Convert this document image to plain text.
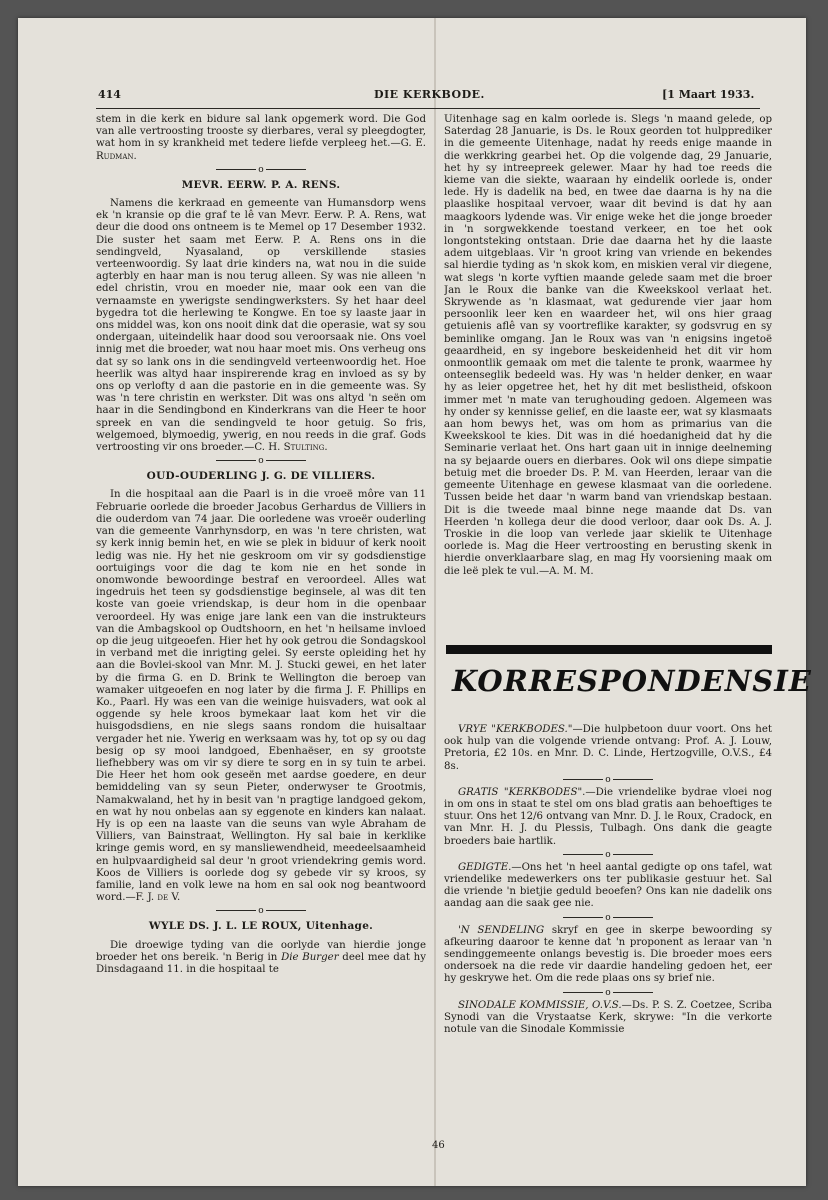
414	DIE KERKBODE.	[1 Maart 1933.

stem in die kerk en bidure sal lank opgemerk word. Die God van alle vertroosting trooste sy dierbares, veral sy pleegdogter, wat hom in sy krankheid met tedere liefde verpleeg het.—G. E. Rudman.

o
MEVR. EERW. P. A. RENS.

Namens die kerkraad en gemeente van Humansdorp wens ek 'n kransie op die graf te lê van Mevr. Eerw. P. A. Rens, wat deur die dood ons ontneem is te Memel op 17 Desember 1932. Die suster het saam met Eerw. P. A. Rens ons in die sendingveld, Nyasaland, op verskillende stasies verteenwoordig. Sy laat drie kinders na, wat nou in die suide agterbly en haar man is nou terug alleen. Sy was nie alleen 'n edel christin, vrou en moeder nie, maar ook een van die vernaamste en ywerigste sendingwerksters. Sy het haar deel bygedra tot die herlewing te Kongwe. En toe sy laaste jaar in ons middel was, kon ons nooit dink dat die operasie, wat sy sou ondergaan, uiteindelik haar dood sou veroorsaak nie. Ons voel innig met die broeder, wat nou haar moet mis. Ons verheug ons dat sy so lank ons in die sendingveld verteenwoordig het. Hoe heerlik was altyd haar inspirerende krag en invloed as sy by ons op verlofty d aan die pastorie en in die gemeente was. Sy was 'n tere christin en werkster. Dit was ons altyd 'n seën om haar in die Sendingbond en Kinderkrans van die Heer te hoor spreek en van die sendingveld te hoor getuig. So fris, welgemoed, blymoedig, ywerig, en nou reeds in die graf. Gods vertroosting vir ons broeder.—C. H. Stulting.

o
OUD-OUDERLING J. G. DE VILLIERS.

In die hospitaal aan die Paarl is in die vroeë môre van 11 Februarie oorlede die broeder Jacobus Gerhardus de Villiers in die ouderdom van 74 jaar. Die oorledene was vroeër ouderling van die gemeente Vanrhynsdorp, en was 'n tere christen, wat sy kerk innig bemin het, en wie se plek in biduur of kerk nooit ledig was nie. Hy het nie geskroom om vir sy godsdienstige oortuigings voor die dag te kom nie en het sonde in onomwonde bewoordinge bestraf en veroordeel. Alles wat ingedruis het teen sy godsdienstige beginsele, al was dit ten koste van goeie vriendskap, is deur hom in die openbaar veroordeel. Hy was enige jare lank een van die instrukteurs van die Ambagskool op Oudtshoorn, en het 'n heilsame invloed op die jeug uitgeoefen. Hier het hy ook getrou die Sondagskool in verband met die inrigting gelei. Sy eerste opleiding het hy aan die Bovlei-skool van Mnr. M. J. Stucki gewei, en het later by die firma G. en D. Brink te Wellington die beroep van wamaker uitgeoefen en nog later by die firma J. F. Phillips en Ko., Paarl. Hy was een van die weinige huisvaders, wat ook al oggende sy hele kroos bymekaar laat kom het vir die huisgodsdiens, en nie slegs saans rondom die huisaltaar vergader het nie. Ywerig en werksaam was hy, tot op sy ou dag besig op sy mooi landgoed, Ebenhaëser, en sy grootste liefhebbery was om vir sy diere te sorg en in sy tuin te arbei. Die Heer het hom ook geseën met aardse goedere, en deur bemiddeling van sy seun Pieter, onderwyser te Grootmis, Namakwaland, het hy in besit van 'n pragtige landgoed gekom, en wat hy nou onbelas aan sy eggenote en kinders kan nalaat. Hy is op een na laaste van die seuns van wyle Abraham de Villiers, van Bainstraat, Wellington. Hy sal baie in kerklike kringe gemis word, en sy mansliewendheid, meedeelsaamheid en hulpvaardigheid sal deur 'n groot vriendekring gemis word. Koos de Villiers is oorlede dog sy gebede vir sy kroos, sy familie, land en volk lewe na hom en sal ook nog beantwoord word.—F. J. de V.

o
WYLE DS. J. L. LE ROUX, Uitenhage.

Die droewige tyding van die oorlyde van hierdie jonge broeder het ons bereik. 'n Berig in Die Burger deel mee dat hy Dinsdagaand 11. in die hospitaal te

Uitenhage sag en kalm oorlede is. Slegs 'n maand gelede, op Saterdag 28 Januarie, is Ds. le Roux georden tot hulpprediker in die gemeente Uitenhage, nadat hy reeds enige maande in die werkkring gearbei het. Op die volgende dag, 29 Januarie, het hy sy intreepreek gelewer. Maar hy had toe reeds die kieme van die siekte, waaraan hy eindelik oorlede is, onder lede. Hy is dadelik na bed, en twee dae daarna is hy na die plaaslike hospitaal vervoer, waar dit bevind is dat hy aan maagkoors lydende was. Vir enige weke het die jonge broeder in 'n sorgwekkende toestand verkeer, en toe het ook longontsteking ontstaan. Drie dae daarna het hy die laaste adem uitgeblaas. Vir 'n groot kring van vriende en bekendes sal hierdie tyding as 'n skok kom, en miskien veral vir diegene, wat slegs 'n korte vyftien maande gelede saam met die broer Jan le Roux die banke van die Kweekskool verlaat het. Skrywende as 'n klasmaat, wat gedurende vier jaar hom persoonlik leer ken en waardeer het, wil ons hier graag getuienis aflê van sy voortreflike karakter, sy godsvrug en sy beminlike omgang. Jan le Roux was van 'n enigsins ingetoë geaardheid, en sy ingebore beskeidenheid het dit vir hom onmoontlik gemaak om met die talente te pronk, waarmee hy onteenseglik bedeeld was. Hy was 'n helder denker, en waar hy as leier opgetree het, het hy dit met beslistheid, ofskoon immer met 'n mate van terughouding gedoen. Algemeen was hy onder sy kennisse gelief, en die laaste eer, wat sy klasmaats aan hom bewys het, was om hom as primarius van die Kweekskool te kies. Dit was in dié hoedanigheid dat hy die Seminarie verlaat het. Ons hart gaan uit in innige deelneming na sy bejaarde ouers en dierbares. Ook wil ons diepe simpatie betuig met die broeder Ds. P. M. van Heerden, leraar van die gemeente Uitenhage en gewese klasmaat van die oorledene. Tussen beide het daar 'n warm band van vriendskap bestaan. Dit is die tweede maal binne nege maande dat Ds. van Heerden 'n kollega deur die dood verloor, daar ook Ds. A. J. Troskie in die loop van verlede jaar skielik te Uitenhage oorlede is. Mag die Heer vertroosting en berusting skenk in hierdie onverklaarbare slag, en mag Hy voorsiening maak om die leë plek te vul.—A. M. M.

KORRESPONDENSIE

VRYE "KERKBODES."—Die hulpbetoon duur voort. Ons het ook hulp van die volgende vriende ontvang: Prof. A. J. Louw, Pretoria, £2 10s. en Mnr. D. C. Linde, Hertzogville, O.V.S., £4 8s.

o

GRATIS "KERKBODES".—Die vriendelike bydrae vloei nog in om ons in staat te stel om ons blad gratis aan behoeftiges te stuur. Ons het 12/6 ontvang van Mnr. D. J. le Roux, Cradock, en van Mnr. H. J. du Plessis, Tulbagh. Ons dank die geagte broeders baie hartlik.

o

GEDIGTE.—Ons het 'n heel aantal gedigte op ons tafel, wat vriendelike medewerkers ons ter publikasie gestuur het. Sal die vriende 'n bietjie geduld beoefen? Ons kan nie dadelik ons aandag aan die saak gee nie.

o

'N SENDELING skryf en gee in skerpe bewoording sy afkeuring daaroor te kenne dat 'n proponent as leraar van 'n sendinggemeente onlangs bevestig is. Die broeder moes eers ondersoek na die rede vir daardie handeling gedoen het, eer hy geskrywe het. Om die rede plaas ons sy brief nie.

o

SINODALE KOMMISSIE, O.V.S.—Ds. P. S. Z. Coetzee, Scriba Synodi van die Vrystaatse Kerk, skrywe: "In die verkorte notule van die Sinodale Kommissie

46
